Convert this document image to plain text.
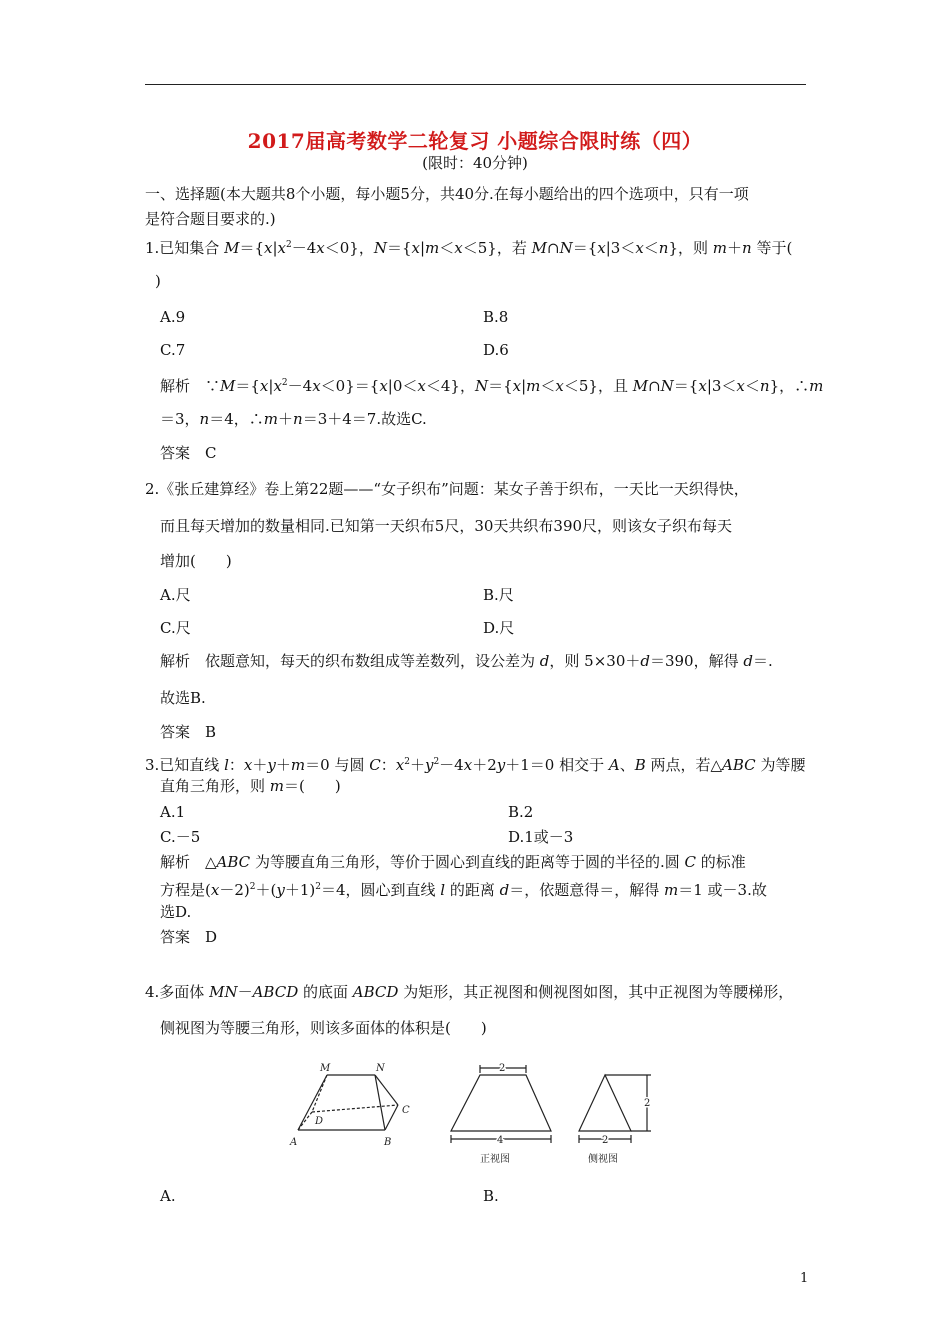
2017届高考数学二轮复习 小题综合限时练（四）
(限时：40分钟)
一、选择题(本大题共8个小题，每小题5分，共40分.在每小题给出的四个选项中，只有一项
是符合题目要求的.)
1.已知集合 $M=\{x|x^2-4x<0\}$，N＝{x|m＜x＜5}，若 M∩N＝{x|3＜x＜n}，则 m＋n 等于(
)
A.9	B.8
C.7	D.6
解析　$\because M=\{x|x^2-4x<0\}=\{x|0<x<4\}$，N＝{x|m＜x＜5}，且 M∩N＝{x|3＜x＜n}，∴m
＝3，n＝4，∴m＋n＝3＋4＝7.故选C.
答案　C
2.《张丘建算经》卷上第22题——“女子织布”问题：某女子善于织布，一天比一天织得快，
而且每天增加的数量相同.已知第一天织布5尺，30天共织布390尺，则该女子织布每天
增加(　　)
A.尺	B.尺
C.尺	D.尺
解析　依题意知，每天的织布数组成等差数列，设公差为 d，则 5×30＋d＝390，解得 d＝.
故选B.
答案　B
3.已知直线 l：x＋y＋m＝0 与圆 C：$x^2+y^2-4x+2y+1=0$ 相交于 A、B 两点，若△ABC 为等腰
直角三角形，则 m＝(　　)
A.1	B.2
C.－5	D.1或－3
解析　△ABC 为等腰直角三角形，等价于圆心到直线的距离等于圆的半径的.圆 C 的标准
方程是$(x-2)^2+(y+1)^2=4$，圆心到直线 l 的距离 d＝，依题意得＝，解得 m＝1 或－3.故
选D.
答案　D
4.多面体 MN－ABCD 的底面 ABCD 为矩形，其正视图和侧视图如图，其中正视图为等腰梯形，
侧视图为等腰三角形，则该多面体的体积是(　　)
M	N
D
C
A	B
2
4
正视图
2
2
侧视图
A.	B.
1
